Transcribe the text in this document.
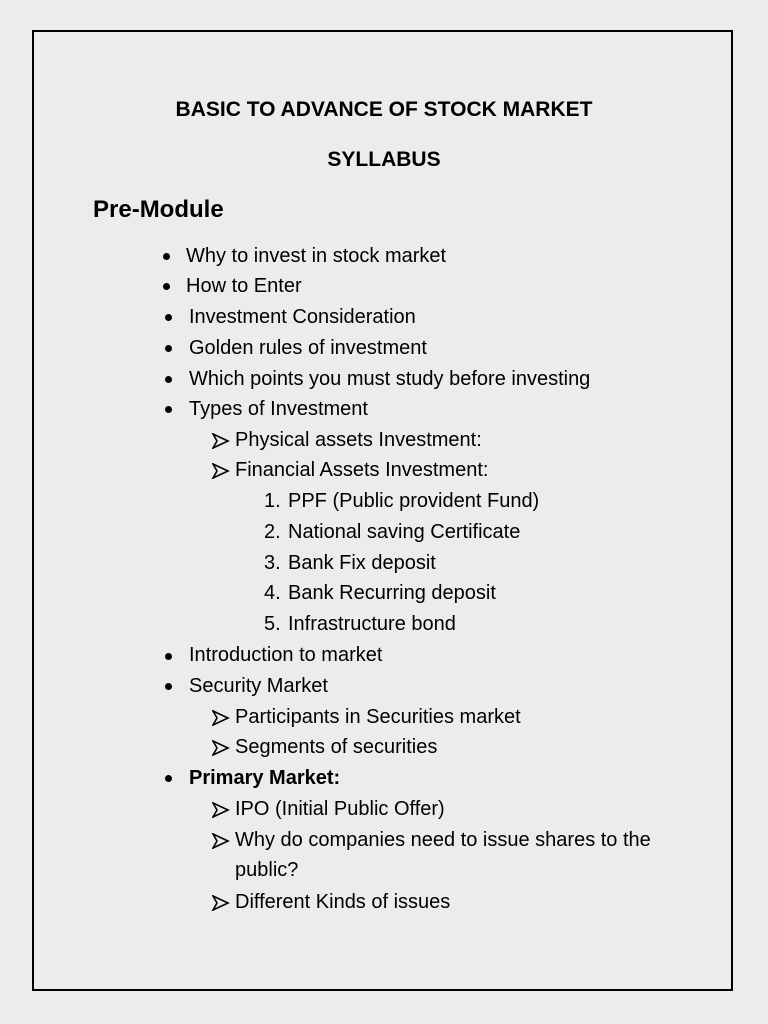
BASIC TO ADVANCE OF STOCK MARKET
SYLLABUS
Pre-Module
Why to invest in stock market
How to Enter
Investment Consideration
Golden rules of investment
Which points you must study before investing
Types of Investment
Physical assets Investment:
Financial Assets Investment:
1. PPF (Public provident Fund)
2. National saving Certificate
3. Bank Fix deposit
4. Bank Recurring deposit
5. Infrastructure bond
Introduction to market
Security Market
Participants in Securities market
Segments of securities
Primary Market:
IPO (Initial Public Offer)
Why do companies need to issue shares to the
public?
Different Kinds of issues
